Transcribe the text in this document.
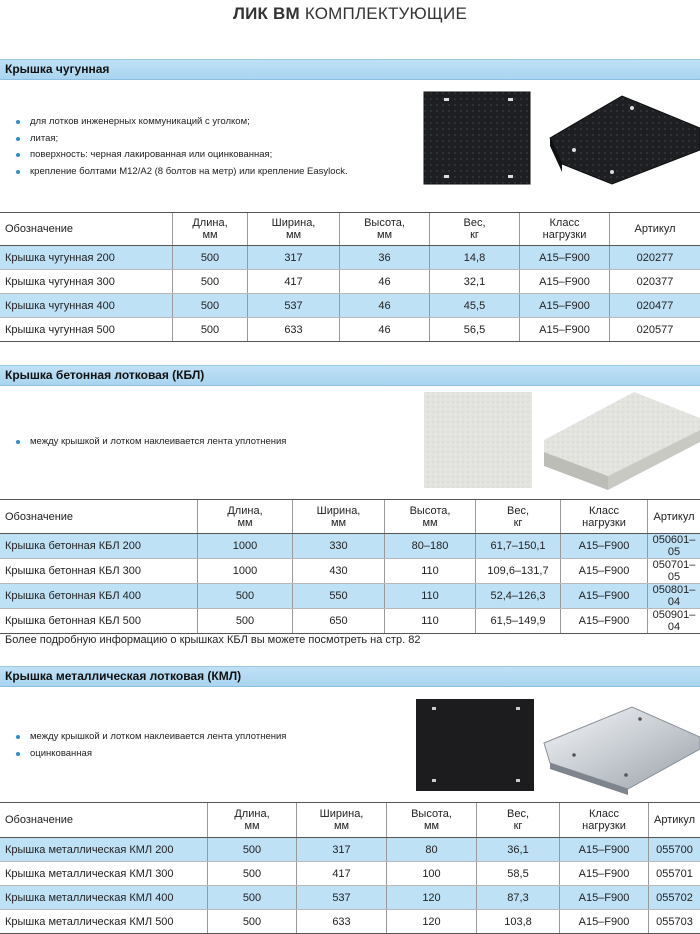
ЛИК ВМ КОМПЛЕКТУЮЩИЕ
Крышка чугунная
для лотков инженерных коммуникаций с уголком;
литая;
поверхность: черная лакированная или оцинкованная;
крепление болтами М12/А2 (8 болтов на метр) или крепление Easylock.
Обозначение	Длина,
мм	Ширина,
мм	Высота,
мм	Вес,
кг	Класс
нагрузки	Артикул
Крышка чугунная 200	500	317	36	14,8	A15–F900	020277
Крышка чугунная 300	500	417	46	32,1	A15–F900	020377
Крышка чугунная 400	500	537	46	45,5	A15–F900	020477
Крышка чугунная 500	500	633	46	56,5	A15–F900	020577
Крышка бетонная лотковая (КБЛ)
между крышкой и лотком наклеивается лента уплотнения
Обозначение	Длина,
мм	Ширина,
мм	Высота,
мм	Вес,
кг	Класс
нагрузки	Артикул
Крышка бетонная КБЛ 200	1000	330	80–180	61,7–150,1	A15–F900	050601–05
Крышка бетонная КБЛ 300	1000	430	110	109,6–131,7	A15–F900	050701–05
Крышка бетонная КБЛ 400	500	550	110	52,4–126,3	A15–F900	050801–04
Крышка бетонная КБЛ 500	500	650	110	61,5–149,9	A15–F900	050901–04
Более подробную информацию о крышках КБЛ вы можете посмотреть на стр. 82
Крышка металлическая лотковая (КМЛ)
между крышкой и лотком наклеивается лента уплотнения
оцинкованная
Обозначение	Длина,
мм	Ширина,
мм	Высота,
мм	Вес,
кг	Класс
нагрузки	Артикул
Крышка металлическая КМЛ 200	500	317	80	36,1	A15–F900	055700
Крышка металлическая КМЛ 300	500	417	100	58,5	A15–F900	055701
Крышка металлическая КМЛ 400	500	537	120	87,3	A15–F900	055702
Крышка металлическая КМЛ 500	500	633	120	103,8	A15–F900	055703
